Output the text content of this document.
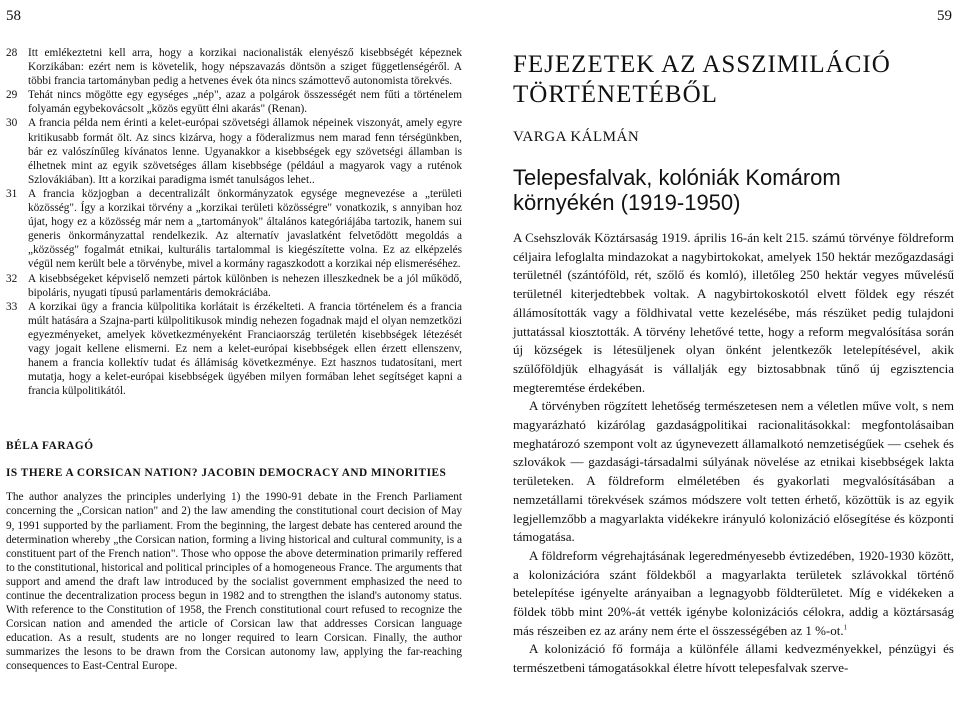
58	59
28 Itt emlékeztetni kell arra, hogy a korzikai nacionalisták elenyésző kisebbségét képeznek Korzikában: ezért nem is követelik, hogy népszavazás döntsön a sziget függetlenségéről. A többi francia tartományban pedig a hetvenes évek óta nincs számottevő autonomista törekvés.
29 Tehát nincs mögötte egy egységes „nép", azaz a polgárok összességét nem fűti a történelem folyamán egybekovácsolt „közös együtt élni akarás" (Renan).
30 A francia példa nem érinti a kelet-európai szövetségi államok népeinek viszonyát, amely egyre kritikusabb formát ölt. Az sincs kizárva, hogy a föderalizmus nem marad fenn térségünkben, bár ez valószínűleg kívánatos lenne. Ugyanakkor a kisebbségek egy szövetségi államban is élhetnek mint az egyik szövetséges állam kisebbsége (például a magyarok vagy a ruténok Szlovákiában). Itt a korzikai paradigma ismét tanulságos lehet..
31 A francia közjogban a decentralizált önkormányzatok egysége megnevezése a „területi közösség". Így a korzikai törvény a „korzikai területi közösségre" vonatkozik, s annyiban hoz újat, hogy ez a közösség már nem a „tartományok" általános kategóriájába tartozik, hanem sui generis önkormányzattal rendelkezik. Az alternatív javaslatként felvetődött megoldás a „közösség" fogalmát etnikai, kulturális tartalommal is kiegészítette volna. Ez az elképzelés végül nem került bele a törvénybe, mivel a kormány ragaszkodott a korzikai nép elismeréséhez.
32 A kisebbségeket képviselő nemzeti pártok különben is nehezen illeszkednek be a jól működő, bipoláris, nyugati típusú parlamentáris demokráciába.
33 A korzikai ügy a francia külpolitika korlátait is érzékelteti. A francia történelem és a francia múlt hatására a Szajna-parti külpolitikusok mindig nehezen fogadnak majd el olyan nemzetközi egyezményeket, amelyek következményeként Franciaország területén kisebbségek létezését vagy jogait kellene elismerni. Ez nem a kelet-európai kisebbségek ellen érzett ellenszenv, hanem a francia kollektív tudat és állámiság következménye. Ezt hasznos tudatosítani, mert mutatja, hogy a kelet-európai kisebbségek ügyében milyen formában lehet segítséget kapni a francia külpolitikától.
BÉLA FARAGÓ
IS THERE A CORSICAN NATION? JACOBIN DEMOCRACY AND MINORITIES
The author analyzes the principles underlying 1) the 1990-91 debate in the French Parliament concerning the „Corsican nation" and 2) the law amending the constitutional court decision of May 9, 1991 supported by the parliament. From the beginning, the largest debate has centered around the determination whereby „the Corsican nation, forming a living historical and cultural community, is a constituent part of the French nation". Those who oppose the above determination primarily reffered to the constitutional, historical and political principles of a homogeneous France. The arguments that support and amend the draft law introduced by the socialist government emphasized the need to continue the decentralization process begun in 1982 and to strengthen the island's autonomy status. With reference to the Constitution of 1958, the French constitutional court refused to recognize the Corsican nation and amended the article of Corsican law that addresses Corsican language education. As a result, students are no longer required to learn Corsican. Finally, the author summarizes the lesons to be drawn from the Corsican autonomy law, applying the far-reaching consequences to East-Central Europe.
FEJEZETEK AZ ASSZIMILÁCIÓ
TÖRTÉNETÉBŐL
VARGA KÁLMÁN
Telepesfalvak, kolóniák Komárom
környékén (1919-1950)

A Csehszlovák Köztársaság 1919. április 16-án kelt 215. számú törvénye földreform céljaira lefoglalta mindazokat a nagybirtokokat, amelyek 150 hektár mezőgazdasági területnél (szántóföld, rét, szőlő és komló), illetőleg 250 hektár vegyes művelésű területnél kiterjedtebbek voltak. A nagybirtokoskotól elvett földek egy részét állámosították vagy a földhivatal vette kezelésébe, más részüket pedig tulajdoni juttatással kiosztották. A törvény lehetővé tette, hogy a reform megvalósítása során új községek is létesüljenek olyan önként jelentkezők letelepítésével, akik szülőföldjük elhagyását is vállalják egy biztosabbnak tűnő új egzisztencia megteremtése érdekében.

A törvényben rögzített lehetőség természetesen nem a véletlen műve volt, s nem magyarázható kizárólag gazdaságpolitikai racionalitásokkal: megfontolásaiban meghatározó szempont volt az úgynevezett államalkotó nemzetiségűek — csehek és szlovákok — gazdasági-társadalmi súlyának növelése az etnikai kisebbségek lakta területeken. A földreform elméletében és gyakorlati megvalósításában a nemzetállami törekvések számos módszere volt tetten érhető, közöttük is az egyik legjellemzőbb a magyarlakta vidékekre irányuló kolonizáció elősegítése és központi támogatása.

A földreform végrehajtásának legeredményesebb évtizedében, 1920-1930 között, a kolonizációra szánt földekből a magyarlakta területek szlávokkal történő betelepítése igényelte arányaiban a legnagyobb földterületet. Míg e vidékeken a földek több mint 20%-át vették igénybe kolonizációs célokra, addig a köztársaság más részeiben ez az arány nem érte el összességében az 1 %-ot.$^1$

A kolonizáció fő formája a különféle állami kedvezményekkel, pénzügyi és természetbeni támogatásokkal életre hívott telepesfalvak szerve-
